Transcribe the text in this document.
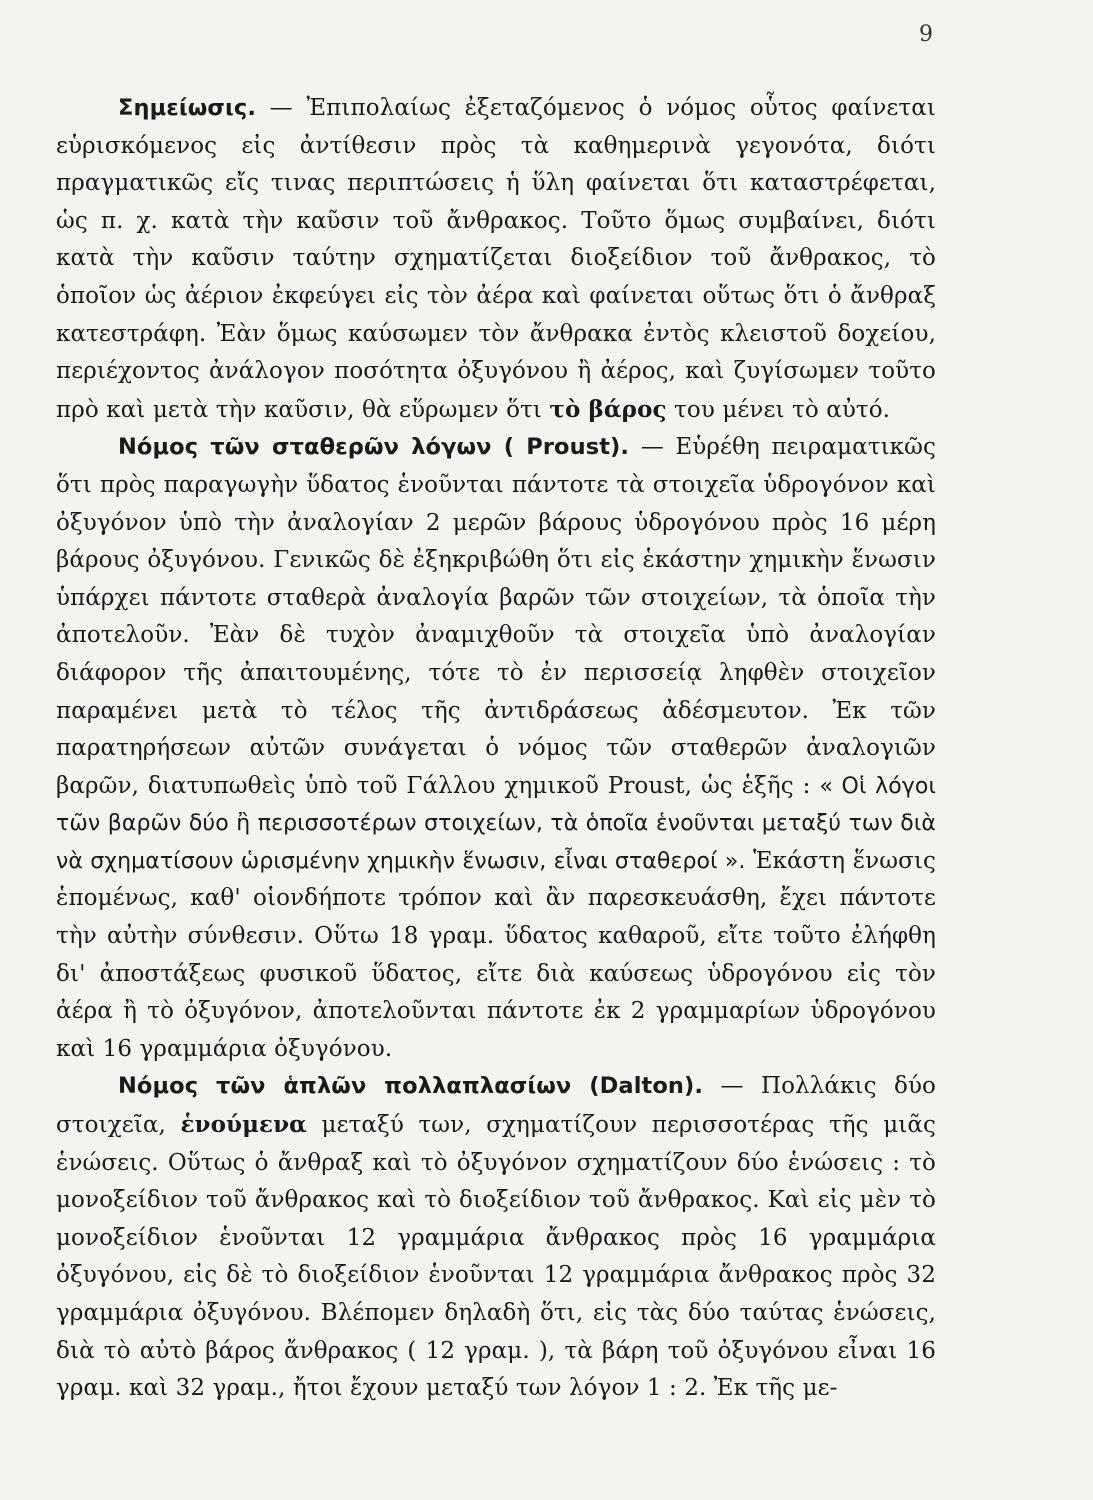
9

Σημείωσις. — Ἐπιπολαίως ἐξεταζόμενος ὁ νόμος οὗτος φαίνεται εὑρισκόμενος εἰς ἀντίθεσιν πρὸς τὰ καθημερινὰ γεγονότα, διότι πραγματικῶς εἴς τινας περιπτώσεις ἡ ὕλη φαίνεται ὅτι καταστρέφεται, ὡς π. χ. κατὰ τὴν καῦσιν τοῦ ἄνθρακος. Τοῦτο ὅμως συμβαίνει, διότι κατὰ τὴν καῦσιν ταύτην σχηματίζεται διοξείδιον τοῦ ἄνθρακος, τὸ ὁποῖον ὡς ἀέριον ἐκφεύγει εἰς τὸν ἀέρα καὶ φαίνεται οὕτως ὅτι ὁ ἄνθραξ κατεστράφη. Ἐὰν ὅμως καύσωμεν τὸν ἄνθρακα ἐντὸς κλειστοῦ δοχείου, περιέχοντος ἀνάλογον ποσότητα ὀξυγόνου ἢ ἀέρος, καὶ ζυγίσωμεν τοῦτο πρὸ καὶ μετὰ τὴν καῦσιν, θὰ εὕρωμεν ὅτι τὸ βάρος του μένει τὸ αὐτό.

Νόμος τῶν σταθερῶν λόγων ( Proust). — Εὑρέθη πειραματικῶς ὅτι πρὸς παραγωγὴν ὕδατος ἑνοῦνται πάντοτε τὰ στοιχεῖα ὑδρογόνον καὶ ὀξυγόνον ὑπὸ τὴν ἀναλογίαν 2 μερῶν βάρους ὑδρογόνου πρὸς 16 μέρη βάρους ὀξυγόνου. Γενικῶς δὲ ἐξηκριβώθη ὅτι εἰς ἑκάστην χημικὴν ἕνωσιν ὑπάρχει πάντοτε σταθερὰ ἀναλογία βαρῶν τῶν στοιχείων, τὰ ὁποῖα τὴν ἀποτελοῦν. Ἐὰν δὲ τυχὸν ἀναμιχθοῦν τὰ στοιχεῖα ὑπὸ ἀναλογίαν διάφορον τῆς ἀπαιτουμένης, τότε τὸ ἐν περισσείᾳ ληφθὲν στοιχεῖον παραμένει μετὰ τὸ τέλος τῆς ἀντιδράσεως ἀδέσμευτον. Ἐκ τῶν παρατηρήσεων αὐτῶν συνάγεται ὁ νόμος τῶν σταθερῶν ἀναλογιῶν βαρῶν, διατυπωθεὶς ὑπὸ τοῦ Γάλλου χημικοῦ Proust, ὡς ἑξῆς : « Οἱ λόγοι τῶν βαρῶν δύο ἢ περισσοτέρων στοιχείων, τὰ ὁποῖα ἑνοῦνται μεταξύ των διὰ νὰ σχηματίσουν ὡρισμένην χημικὴν ἕνωσιν, εἶναι σταθεροί ». Ἑκάστη ἕνωσις ἑπομένως, καθ' οἱονδήποτε τρόπον καὶ ἂν παρεσκευάσθη, ἔχει πάντοτε τὴν αὐτὴν σύνθεσιν. Οὕτω 18 γραμ. ὕδατος καθαροῦ, εἴτε τοῦτο ἐλήφθη δι' ἀποστάξεως φυσικοῦ ὕδατος, εἴτε διὰ καύσεως ὑδρογόνου εἰς τὸν ἀέρα ἢ τὸ ὀξυγόνον, ἀποτελοῦνται πάντοτε ἐκ 2 γραμμαρίων ὑδρογόνου καὶ 16 γραμμάρια ὀξυγόνου.

Νόμος τῶν ἁπλῶν πολλαπλασίων (Dalton). — Πολλάκις δύο στοιχεῖα, ἑνούμενα μεταξύ των, σχηματίζουν περισσοτέρας τῆς μιᾶς ἑνώσεις. Οὕτως ὁ ἄνθραξ καὶ τὸ ὀξυγόνον σχηματίζουν δύο ἑνώσεις : τὸ μονοξείδιον τοῦ ἄνθρακος καὶ τὸ διοξείδιον τοῦ ἄνθρακος. Καὶ εἰς μὲν τὸ μονοξείδιον ἑνοῦνται 12 γραμμάρια ἄνθρακος πρὸς 16 γραμμάρια ὀξυγόνου, εἰς δὲ τὸ διοξείδιον ἑνοῦνται 12 γραμμάρια ἄνθρακος πρὸς 32 γραμμάρια ὀξυγόνου. Βλέπομεν δηλαδὴ ὅτι, εἰς τὰς δύο ταύτας ἑνώσεις, διὰ τὸ αὐτὸ βάρος ἄνθρακος ( 12 γραμ. ), τὰ βάρη τοῦ ὀξυγόνου εἶναι 16 γραμ. καὶ 32 γραμ., ἤτοι ἔχουν μεταξύ των λόγον 1 : 2. Ἐκ τῆς με-
